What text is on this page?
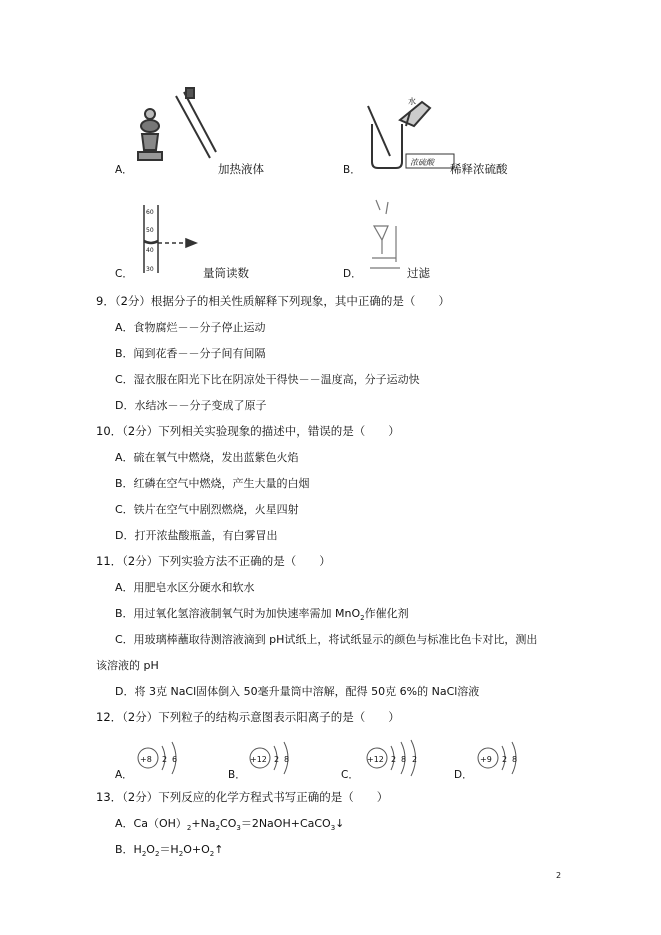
A．	加热液体
水
浓硫酸
B．	稀释浓硫酸
60
50
40
30
C．	量筒读数	D．	过滤
9．（2分）根据分子的相关性质解释下列现象，其中正确的是（　　）
A．食物腐烂－－分子停止运动
B．闻到花香－－分子间有间隔
C．湿衣服在阳光下比在阴凉处干得快－－温度高，分子运动快
D．水结冰－－分子变成了原子
10．（2分）下列相关实验现象的描述中，错误的是（　　）
A．硫在氧气中燃烧，发出蓝紫色火焰
B．红磷在空气中燃烧，产生大量的白烟
C．铁片在空气中剧烈燃烧，火星四射
D．打开浓盐酸瓶盖，有白雾冒出
11．（2分）下列实验方法不正确的是（　　）
A．用肥皂水区分硬水和软水
B．用过氧化氢溶液制氧气时为加快速率需加 MnO$_2$作催化剂
C．用玻璃棒蘸取待测溶液滴到 pH试纸上，将试纸显示的颜色与标准比色卡对比，测出
该溶液的 pH
D．将 3克 NaCl固体倒入 50毫升量筒中溶解，配得 50克 6%的 NaCl溶液
12．（2分）下列粒子的结构示意图表示阳离子的是（　　）
A．
+8 2 6
B．
+12 2 8
C．
+12 2 8 2
D．
+9 2 8
13．（2分）下列反应的化学方程式书写正确的是（　　）
A．$Ca(OH)_2+Na_2CO_3=2NaOH+CaCO_3↓$
B．$H_2O_2=H_2O+O_2↑$
2
